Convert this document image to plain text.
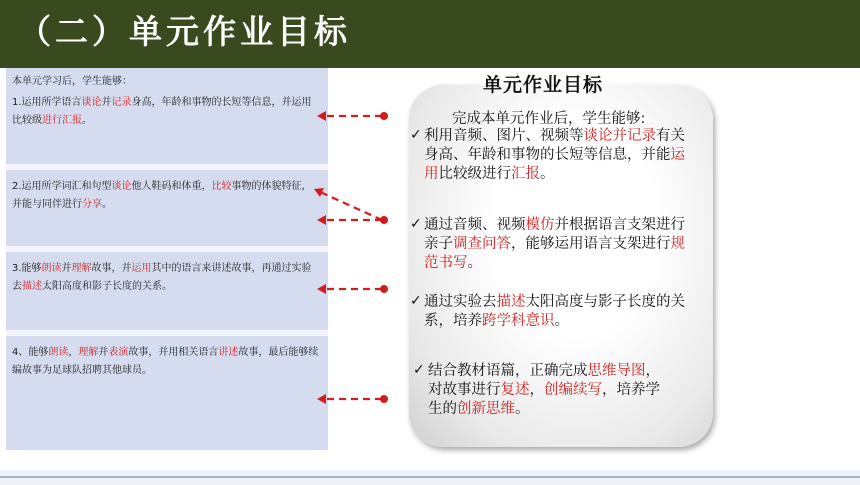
（二）单元作业目标
本单元学习后，学生能够：
1.运用所学语言谈论并记录身高，年龄和事物的长短等信息，并运用比较级进行汇报。
2.运用所学词汇和句型谈论他人鞋码和体重，比较事物的体貌特征，并能与同伴进行分享。
3.能够朗读并理解故事，并运用其中的语言来讲述故事，再通过实验去描述太阳高度和影子长度的关系。
4、能够朗读，理解并表演故事，并用相关语言讲述故事，最后能够续编故事为足球队招聘其他球员。
单元作业目标
完成本单元作业后，学生能够:
✓ 利用音频、图片、视频等谈论并记录有关身高、年龄和事物的长短等信息，并能运用比较级进行汇报。
✓ 通过音频、视频模仿并根据语言支架进行亲子调查问答，能够运用语言支架进行规范书写。
✓ 通过实验去描述太阳高度与影子长度的关系，培养跨学科意识。
✓ 结合教材语篇，正确完成思维导图，对故事进行复述，创编续写，培养学生的创新思维。
